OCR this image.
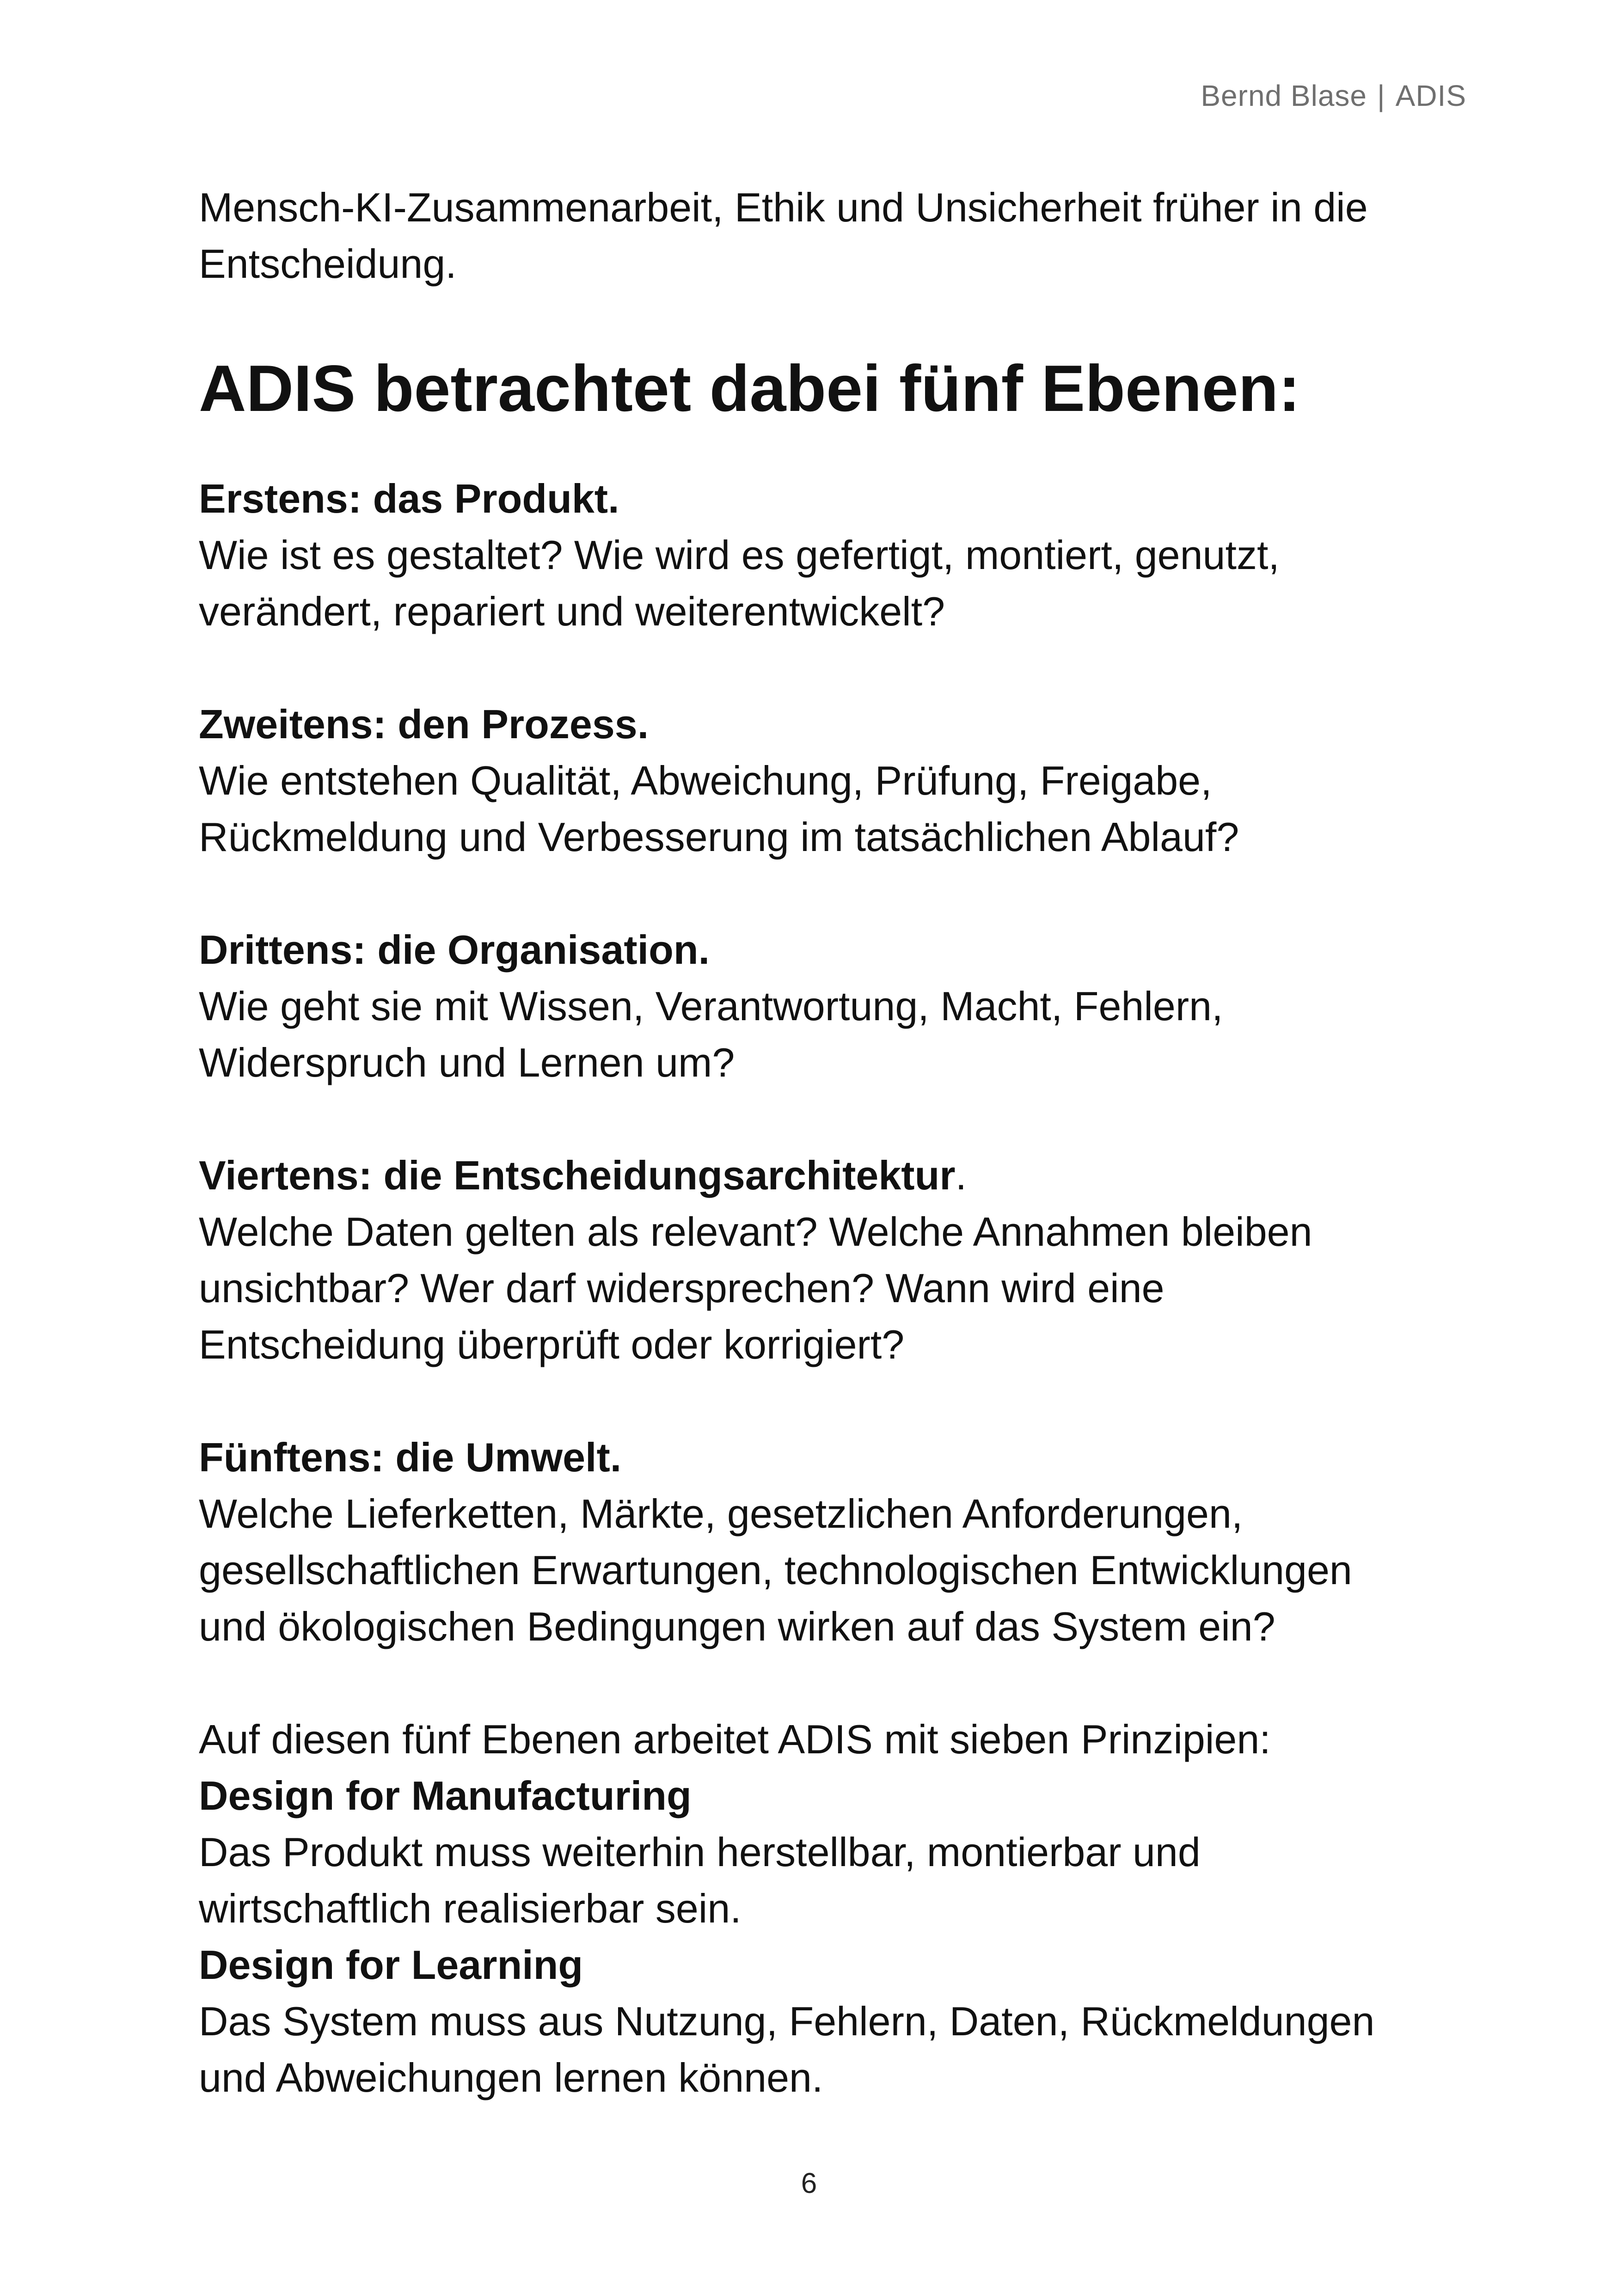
Bernd Blase | ADIS

Mensch-KI-Zusammenarbeit, Ethik und Unsicherheit früher in die
Entscheidung.

ADIS betrachtet dabei fünf Ebenen:

Erstens: das Produkt.
Wie ist es gestaltet? Wie wird es gefertigt, montiert, genutzt,
verändert, repariert und weiterentwickelt?

Zweitens: den Prozess.
Wie entstehen Qualität, Abweichung, Prüfung, Freigabe,
Rückmeldung und Verbesserung im tatsächlichen Ablauf?

Drittens: die Organisation.
Wie geht sie mit Wissen, Verantwortung, Macht, Fehlern,
Widerspruch und Lernen um?

Viertens: die Entscheidungsarchitektur.
Welche Daten gelten als relevant? Welche Annahmen bleiben
unsichtbar? Wer darf widersprechen? Wann wird eine
Entscheidung überprüft oder korrigiert?

Fünftens: die Umwelt.
Welche Lieferketten, Märkte, gesetzlichen Anforderungen,
gesellschaftlichen Erwartungen, technologischen Entwicklungen
und ökologischen Bedingungen wirken auf das System ein?

Auf diesen fünf Ebenen arbeitet ADIS mit sieben Prinzipien:
Design for Manufacturing
Das Produkt muss weiterhin herstellbar, montierbar und
wirtschaftlich realisierbar sein.
Design for Learning
Das System muss aus Nutzung, Fehlern, Daten, Rückmeldungen
und Abweichungen lernen können.

6
